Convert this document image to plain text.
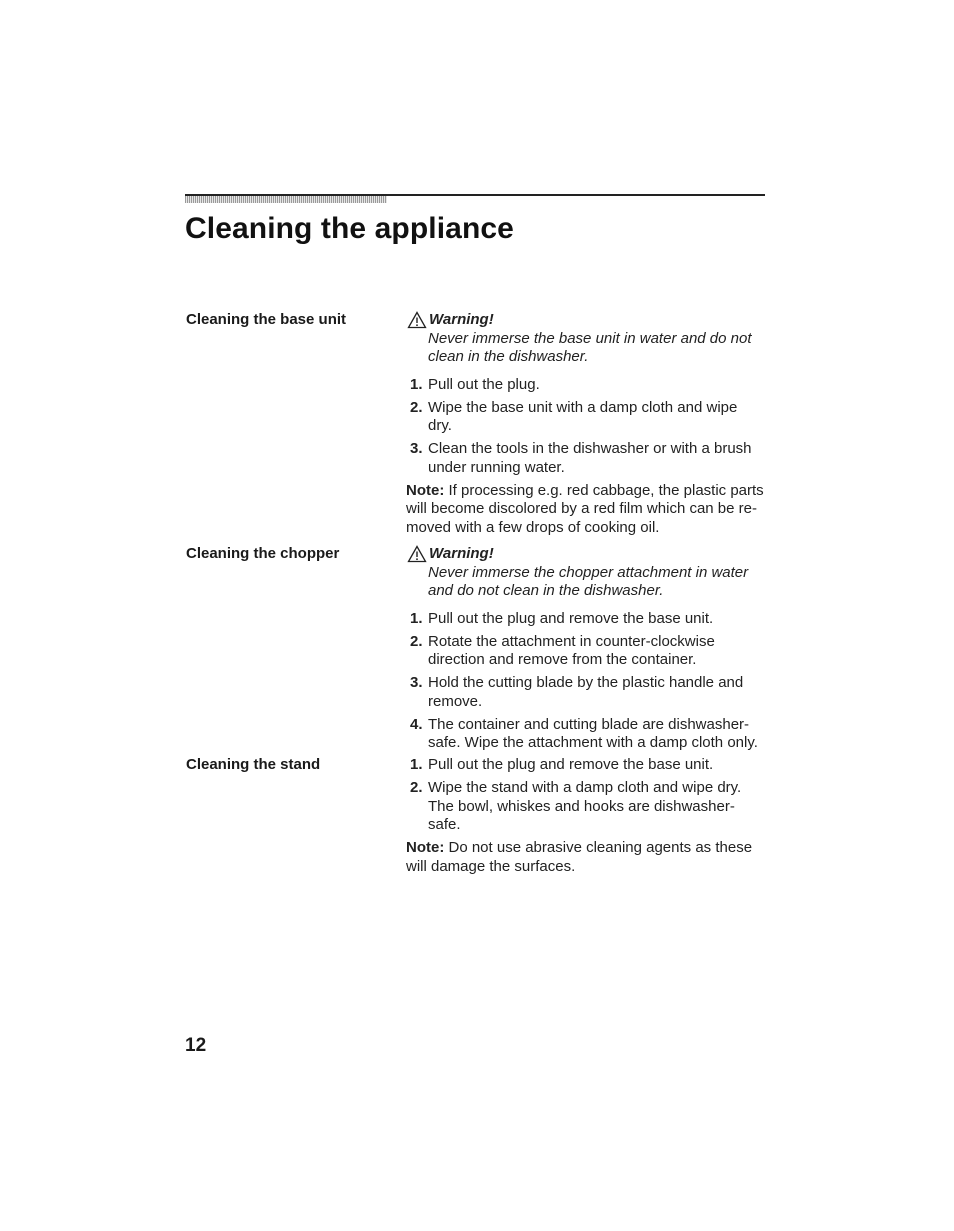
Cleaning the appliance
Cleaning the base unit	Warning!
Never immerse the base unit in water and do not
clean in the dishwasher.
1. Pull out the plug.
2. Wipe the base unit with a damp cloth and wipe
dry.
3. Clean the tools in the dishwasher or with a brush
under running water.
Note: If processing e.g. red cabbage, the plastic parts
will become discolored by a red film which can be re-
moved with a few drops of cooking oil.
Cleaning the chopper	Warning!
Never immerse the chopper attachment in water
and do not clean in the dishwasher.
1. Pull out the plug and remove the base unit.
2. Rotate the attachment in counter-clockwise
direction and remove from the container.
3. Hold the cutting blade by the plastic handle and
remove.
4. The container and cutting blade are dishwasher-
safe. Wipe the attachment with a damp cloth only.
Cleaning the stand	1. Pull out the plug and remove the base unit.
2. Wipe the stand with a damp cloth and wipe dry.
The bowl, whiskes and hooks are dishwasher-
safe.
Note: Do not use abrasive cleaning agents as these
will damage the surfaces.
12
